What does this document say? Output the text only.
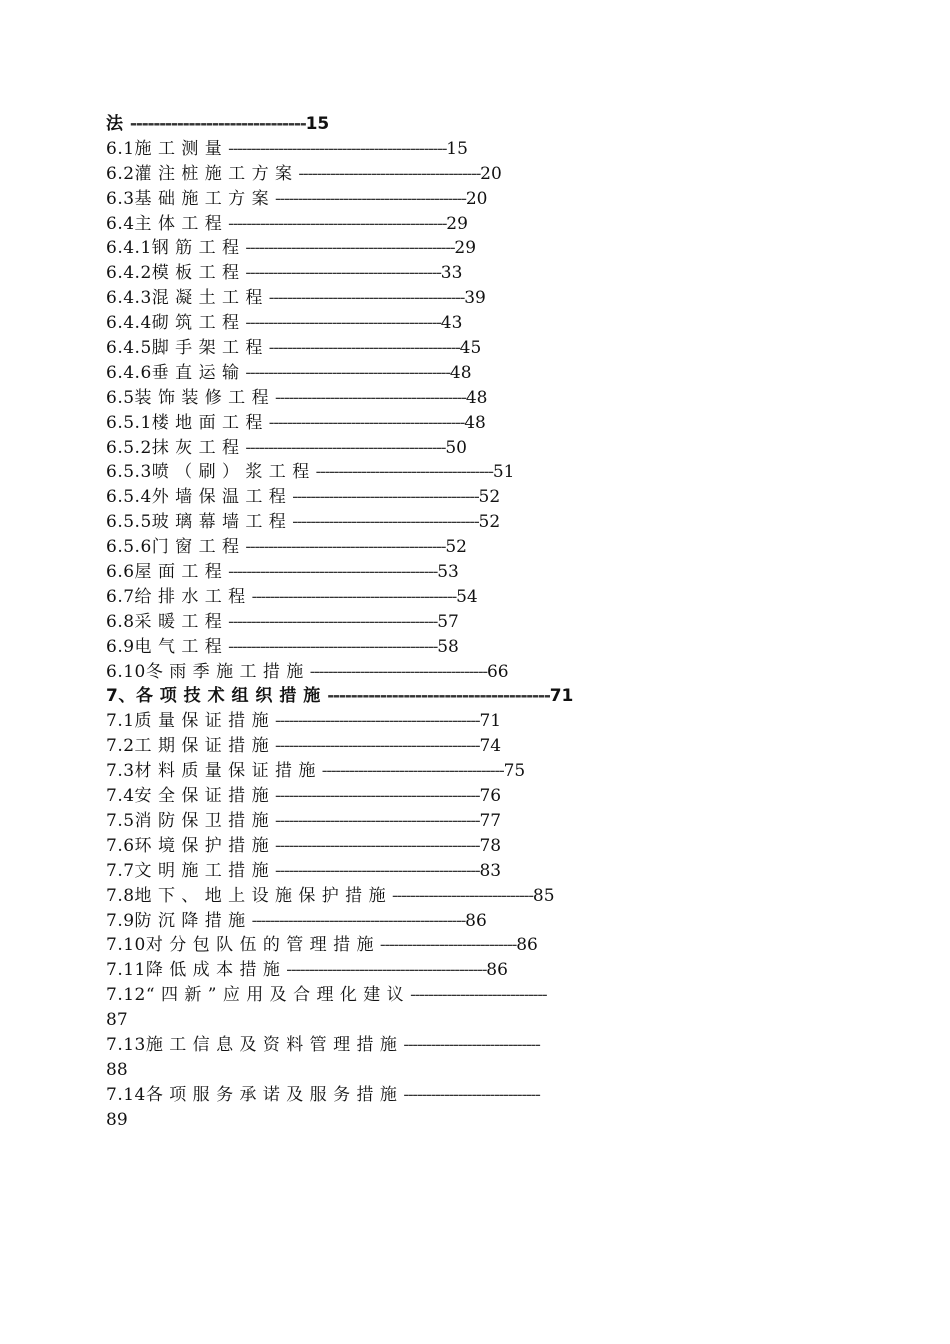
法 ------------------------------15
6.1施 工 测 量 ------------------------------------------------15
6.2灌 注 桩 施 工 方 案 ----------------------------------------20
6.3基 础 施 工 方 案 ------------------------------------------20
6.4主 体 工 程 ------------------------------------------------29
6.4.1钢 筋 工 程 ----------------------------------------------29
6.4.2模 板 工 程 -------------------------------------------33
6.4.3混 凝 土 工 程 -------------------------------------------39
6.4.4砌 筑 工 程 -------------------------------------------43
6.4.5脚 手 架 工 程 ------------------------------------------45
6.4.6垂 直 运 输 ---------------------------------------------48
6.5装 饰 装 修 工 程 ------------------------------------------48
6.5.1楼 地 面 工 程 -------------------------------------------48
6.5.2抹 灰 工 程 --------------------------------------------50
6.5.3喷 （ 刷 ） 浆 工 程 ---------------------------------------51
6.5.4外 墙 保 温 工 程 -----------------------------------------52
6.5.5玻 璃 幕 墙 工 程 -----------------------------------------52
6.5.6门 窗 工 程 --------------------------------------------52
6.6屋 面 工 程 ----------------------------------------------53
6.7给 排 水 工 程 ---------------------------------------------54
6.8采 暖 工 程 ----------------------------------------------57
6.9电 气 工 程 ----------------------------------------------58
6.10冬 雨 季 施 工 措 施 ---------------------------------------66
7、各 项 技 术 组 织 措 施 --------------------------------------71
7.1质 量 保 证 措 施 ---------------------------------------------71
7.2工 期 保 证 措 施 ---------------------------------------------74
7.3材 料 质 量 保 证 措 施 ----------------------------------------75
7.4安 全 保 证 措 施 ---------------------------------------------76
7.5消 防 保 卫 措 施 ---------------------------------------------77
7.6环 境 保 护 措 施 ---------------------------------------------78
7.7文 明 施 工 措 施 ---------------------------------------------83
7.8地 下 、 地 上 设 施 保 护 措 施 -------------------------------85
7.9防 沉 降 措 施 -----------------------------------------------86
7.10对 分 包 队 伍 的 管 理 措 施 ------------------------------86
7.11降 低 成 本 措 施 --------------------------------------------86
7.12“ 四 新 ” 应 用 及 合 理 化 建 议 ------------------------------
87
7.13施 工 信 息 及 资 料 管 理 措 施 ------------------------------
88
7.14各 项 服 务 承 诺 及 服 务 措 施 ------------------------------
89
